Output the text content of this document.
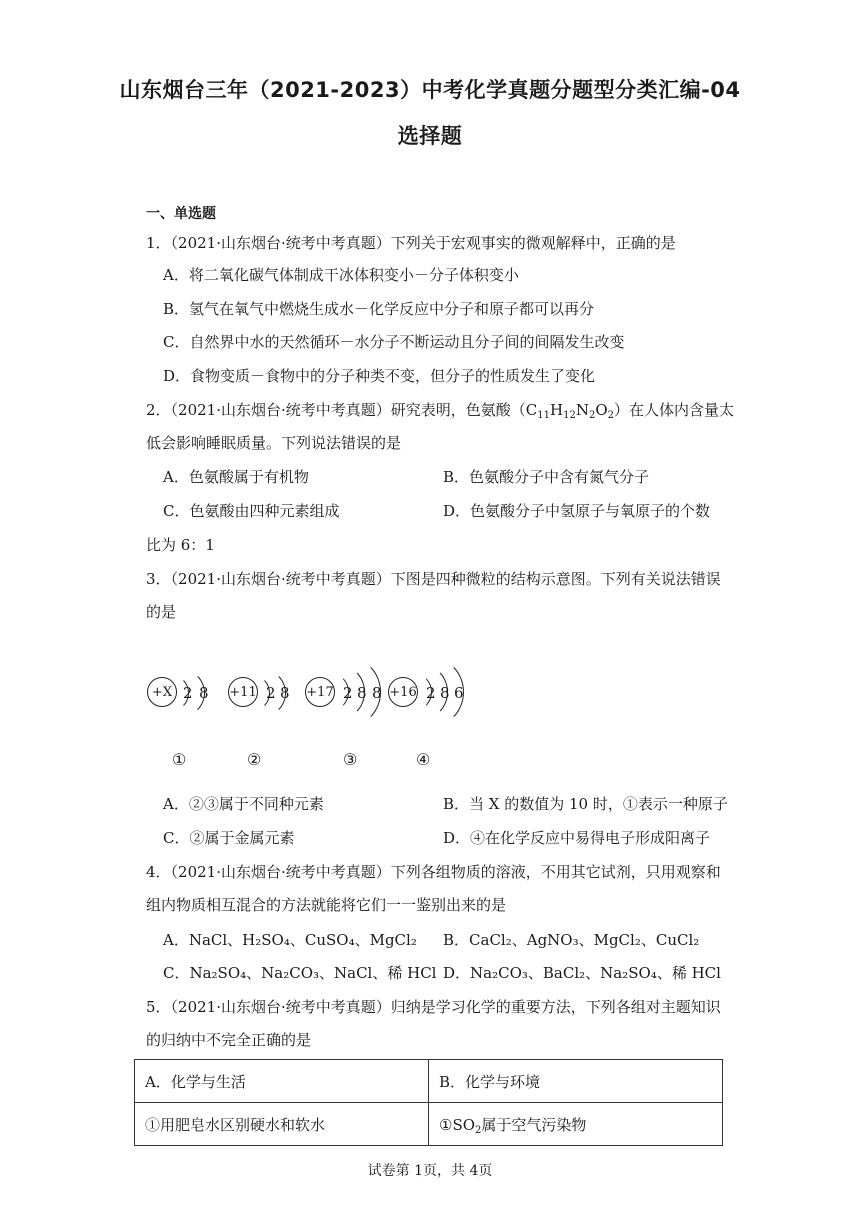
山东烟台三年（2021-2023）中考化学真题分题型分类汇编-04
选择题
一、单选题
1．（2021·山东烟台·统考中考真题）下列关于宏观事实的微观解释中，正确的是
A．将二氧化碳气体制成干冰体积变小－分子体积变小
B．氢气在氧气中燃烧生成水－化学反应中分子和原子都可以再分
C．自然界中水的天然循环－水分子不断运动且分子间的间隔发生改变
D．食物变质－食物中的分子种类不变，但分子的性质发生了变化
2．（2021·山东烟台·统考中考真题）研究表明，色氨酸$(C_{11}H_{12}N_2O_2)$在人体内含量太
低会影响睡眠质量。下列说法错误的是
A．色氨酸属于有机物	B．色氨酸分子中含有氮气分子
C．色氨酸由四种元素组成	D．色氨酸分子中氢原子与氧原子的个数
比为 6：1
3．（2021·山东烟台·统考中考真题）下图是四种微粒的结构示意图。下列有关说法错误
的是
+X 2 8 +11 2 8 +17 2 8 8 +16 2 8 6
①	②	③	④
A．②③属于不同种元素	B．当 X 的数值为 10 时，①表示一种原子
C．②属于金属元素	D．④在化学反应中易得电子形成阳离子
4．（2021·山东烟台·统考中考真题）下列各组物质的溶液，不用其它试剂，只用观察和
组内物质相互混合的方法就能将它们一一鉴别出来的是
A．NaCl、H₂SO₄、CuSO₄、MgCl₂ B．CaCl₂、AgNO₃、MgCl₂、CuCl₂
C．Na₂SO₄、Na₂CO₃、NaCl、稀 HCl D．Na₂CO₃、BaCl₂、Na₂SO₄、稀 HCl
5．（2021·山东烟台·统考中考真题）归纳是学习化学的重要方法，下列各组对主题知识
的归纳中不完全正确的是
A．化学与生活	B．化学与环境
①用肥皂水区别硬水和软水	$①SO_2$属于空气污染物
试卷第 1页，共 4页
